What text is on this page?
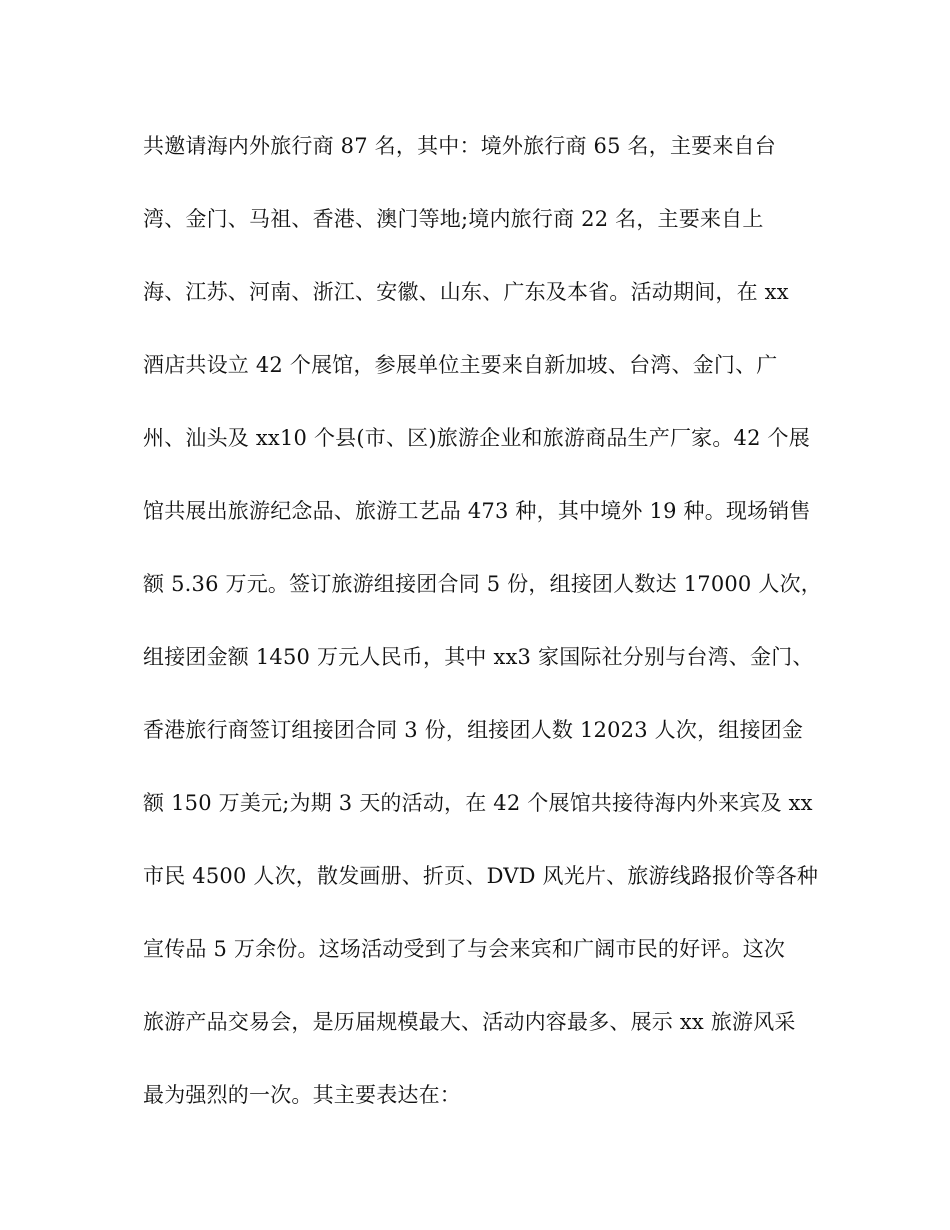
共邀请海内外旅行商 87 名，其中：境外旅行商 65 名，主要来自台
湾、金门、马祖、香港、澳门等地;境内旅行商 22 名，主要来自上
海、江苏、河南、浙江、安徽、山东、广东及本省。活动期间，在 xx
酒店共设立 42 个展馆，参展单位主要来自新加坡、台湾、金门、广
州、汕头及 xx10 个县(市、区)旅游企业和旅游商品生产厂家。42 个展
馆共展出旅游纪念品、旅游工艺品 473 种，其中境外 19 种。现场销售
额 5.36 万元。签订旅游组接团合同 5 份，组接团人数达 17000 人次，
组接团金额 1450 万元人民币，其中 xx3 家国际社分别与台湾、金门、
香港旅行商签订组接团合同 3 份，组接团人数 12023 人次，组接团金
额 150 万美元;为期 3 天的活动，在 42 个展馆共接待海内外来宾及 xx
市民 4500 人次，散发画册、折页、DVD 风光片、旅游线路报价等各种
宣传品 5 万余份。这场活动受到了与会来宾和广阔市民的好评。这次
旅游产品交易会，是历届规模最大、活动内容最多、展示 xx 旅游风采
最为强烈的一次。其主要表达在：
